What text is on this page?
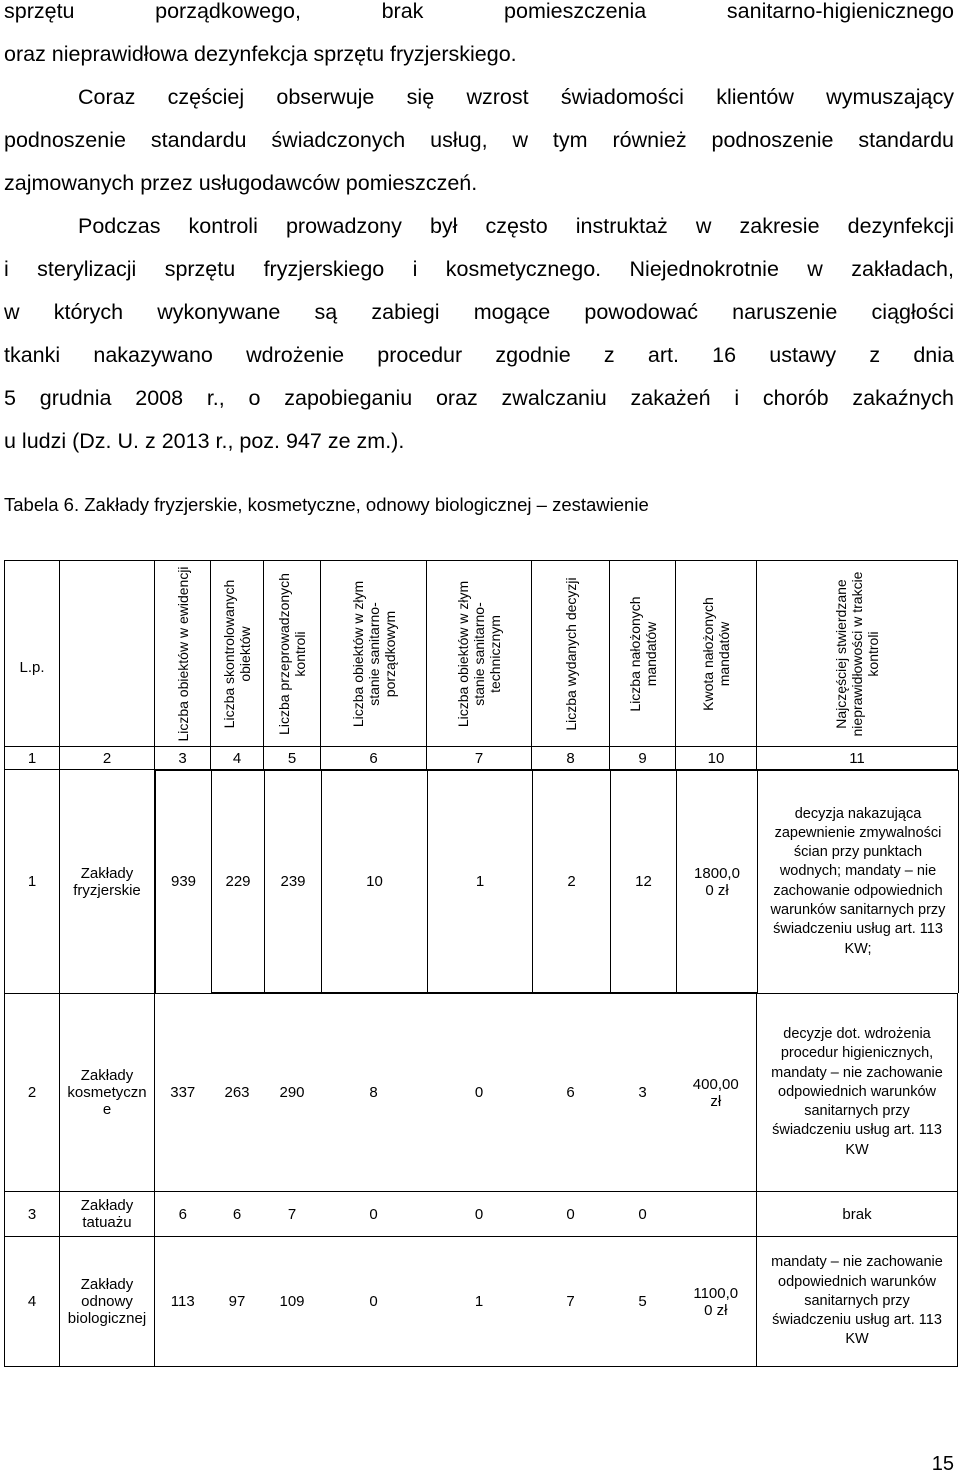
sprzętu porządkowego, brak pomieszczenia sanitarno-higienicznego
oraz nieprawidłowa dezynfekcja sprzętu fryzjerskiego.
Coraz częściej obserwuje się wzrost świadomości klientów wymuszający
podnoszenie standardu świadczonych usług, w tym również podnoszenie standardu
zajmowanych przez usługodawców pomieszczeń.
Podczas kontroli prowadzony był często instruktaż w zakresie dezynfekcji
i sterylizacji sprzętu fryzjerskiego i kosmetycznego. Niejednokrotnie w zakładach,
w których wykonywane są zabiegi mogące powodować naruszenie ciągłości
tkanki nakazywano wdrożenie procedur zgodnie z art. 16 ustawy z dnia
5 grudnia 2008 r., o zapobieganiu oraz zwalczaniu zakażeń i chorób zakaźnych
u ludzi (Dz. U. z 2013 r., poz. 947 ze zm.).

Tabela 6. Zakłady fryzjerskie, kosmetyczne, odnowy biologicznej – zestawienie

L.p.		Liczba obiektów w ewidencji	Liczba skontrolowanych obiektów	Liczba przeprowadzonych kontroli	Liczba obiektów w złym stanie sanitarno-porządkowym	Liczba obiektów w złym stanie sanitarno-technicznym	Liczba wydanych decyzji	Liczba nałożonych mandatów	Kwota nałożonych mandatów	Najczęściej stwierdzane nieprawidłowości w trakcie kontroli

1	2	3	4	5	6	7	8	9	10	11
1	Zakłady fryzjerskie	939	229	239	10	1	2	12	1800,0 0 zł	decyzja nakazująca zapewnienie zmywalności ścian przy punktach wodnych; mandaty – nie zachowanie odpowiednich warunków sanitarnych przy świadczeniu usług art. 113 KW;

2	Zakłady kosmetyczn e	337	263	290	8	0	6	3	400,00 zł	decyzje dot. wdrożenia procedur higienicznych, mandaty – nie zachowanie odpowiednich warunków sanitarnych przy świadczeniu usług art. 113 KW
3	Zakłady tatuażu	6	6	7	0	0	0	0		brak
4	Zakłady odnowy biologicznej	113	97	109	0	1	7	5	1100,0 0 zł	mandaty – nie zachowanie odpowiednich warunków sanitarnych przy świadczeniu usług art. 113 KW
15
